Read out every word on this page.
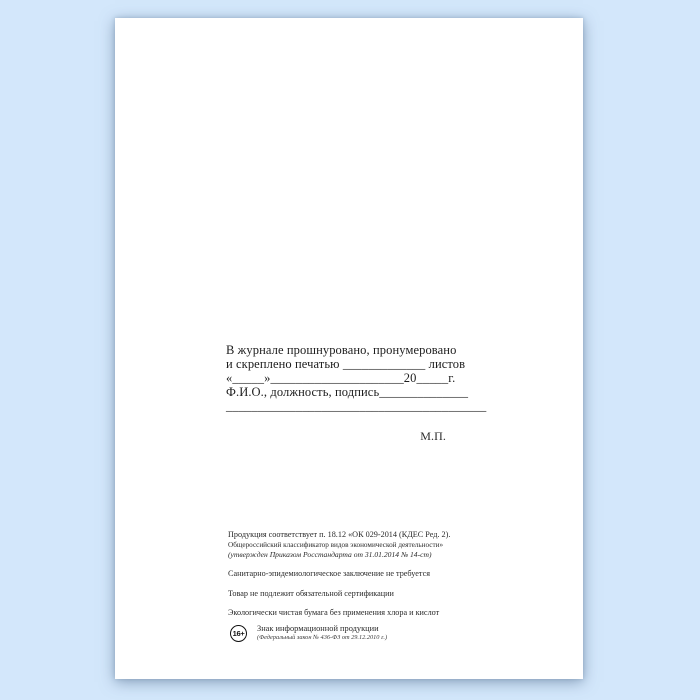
В журнале прошнуровано, пронумеровано
и скреплено печатью _____________ листов
«_____»_____________________20_____г.
Ф.И.О., должность, подпись______________
_________________________________________
М.П.
Продукция соответствует п. 18.12 «ОК 029-2014 (КДЕС Ред. 2).
Общероссийский классификатор видов экономической деятельности»
(утвержден Приказом Росстандарта от 31.01.2014 № 14-ст)
Санитарно-эпидемиологическое заключение не требуется
Товар не подлежит обязательной сертификации
Экологически чистая бумага без применения хлора и кислот
16+
Знак информационной продукции
(Федеральный закон № 436-ФЗ от 29.12.2010 г.)
